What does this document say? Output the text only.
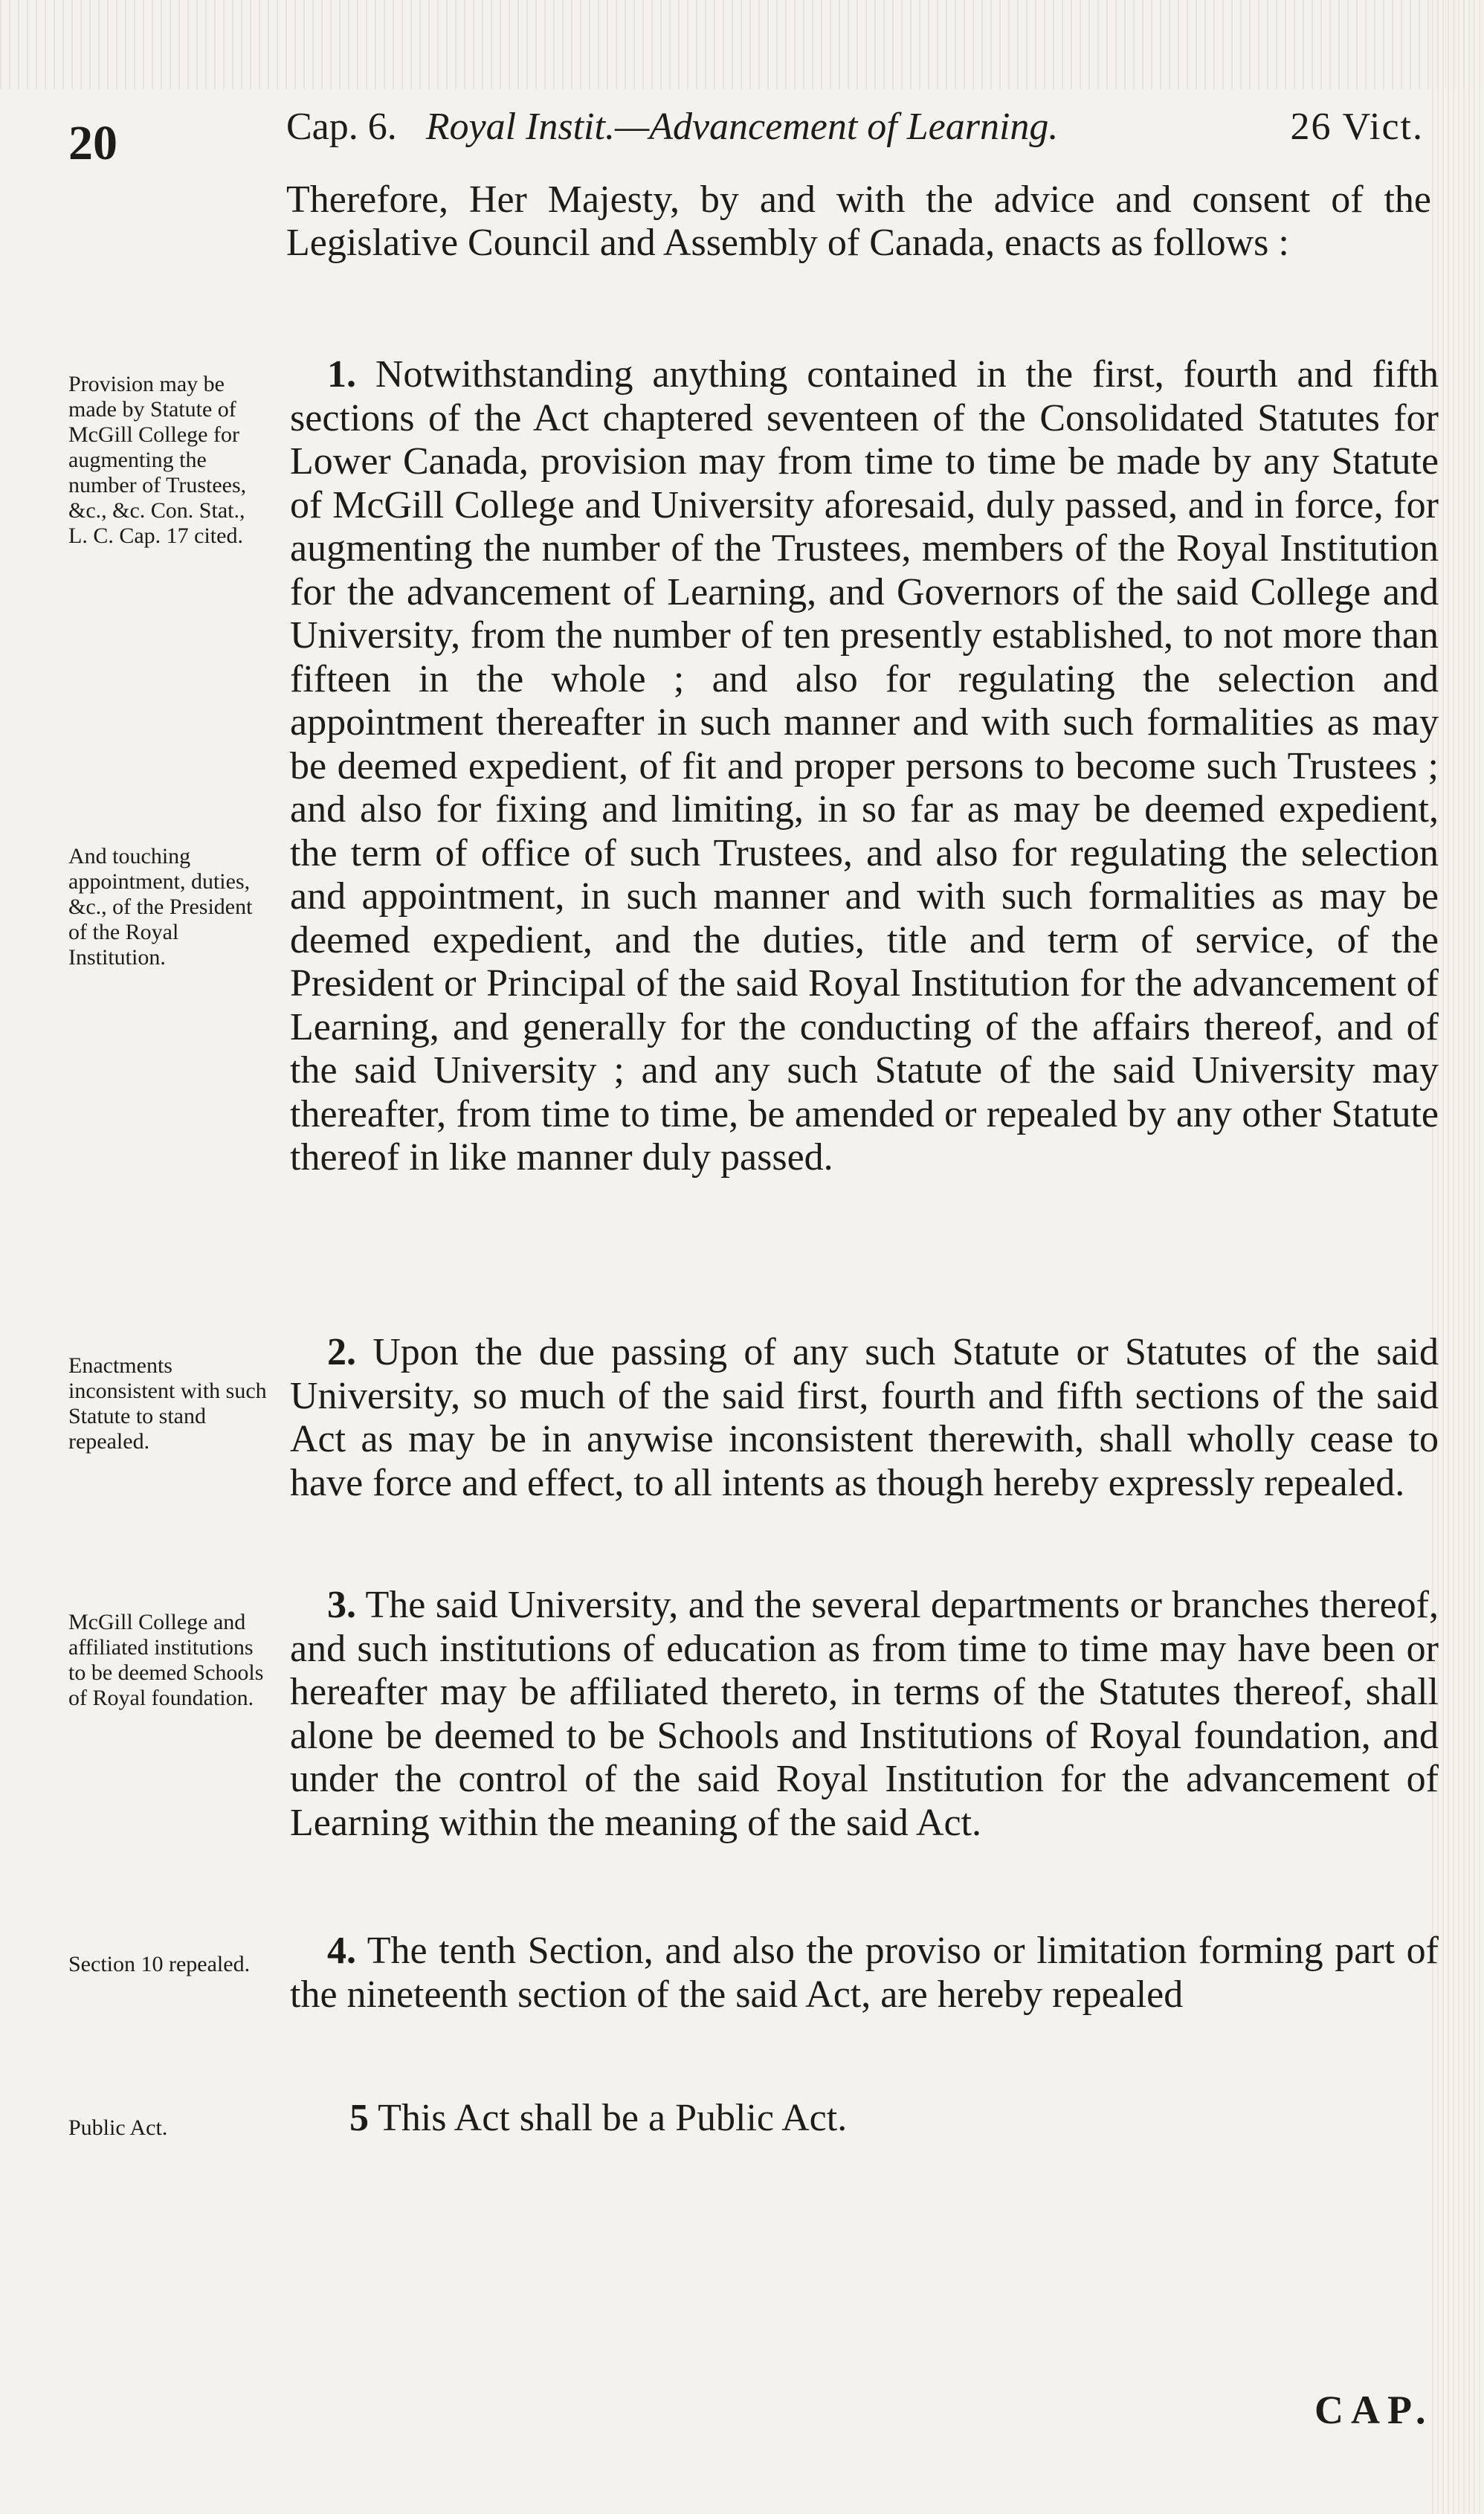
20	Cap. 6. Royal Instit.—Advancement of Learning.	26 Vict.
Therefore, Her Majesty, by and with the advice and consent of the Legislative Council and Assembly of Canada, enacts as follows :
Provision may be made by Statute of McGill College for augmenting the number of Trustees, &c., &c. Con. Stat., L. C. Cap. 17 cited.
And touching appointment, duties, &c., of the President of the Royal Institution.
Enactments inconsistent with such Statute to stand repealed.
McGill College and affiliated institutions to be deemed Schools of Royal foundation.
Section 10 repealed.
Public Act.
1. Notwithstanding anything contained in the first, fourth and fifth sections of the Act chaptered seventeen of the Consolidated Statutes for Lower Canada, provision may from time to time be made by any Statute of McGill College and University aforesaid, duly passed, and in force, for augmenting the number of the Trustees, members of the Royal Institution for the advancement of Learning, and Governors of the said College and University, from the number of ten presently established, to not more than fifteen in the whole ; and also for regulating the selection and appointment thereafter in such manner and with such formalities as may be deemed expedient, of fit and proper persons to become such Trustees ; and also for fixing and limiting, in so far as may be deemed expedient, the term of office of such Trustees, and also for regulating the selection and appointment, in such manner and with such formalities as may be deemed expedient, and the duties, title and term of service, of the President or Principal of the said Royal Institution for the advancement of Learning, and generally for the conducting of the affairs thereof, and of the said University ; and any such Statute of the said University may thereafter, from time to time, be amended or repealed by any other Statute thereof in like manner duly passed.
2. Upon the due passing of any such Statute or Statutes of the said University, so much of the said first, fourth and fifth sections of the said Act as may be in anywise inconsistent therewith, shall wholly cease to have force and effect, to all intents as though hereby expressly repealed.
3. The said University, and the several departments or branches thereof, and such institutions of education as from time to time may have been or hereafter may be affiliated thereto, in terms of the Statutes thereof, shall alone be deemed to be Schools and Institutions of Royal foundation, and under the control of the said Royal Institution for the advancement of Learning within the meaning of the said Act.
4. The tenth Section, and also the proviso or limitation forming part of the nineteenth section of the said Act, are hereby repealed
5 This Act shall be a Public Act.
CAP.
